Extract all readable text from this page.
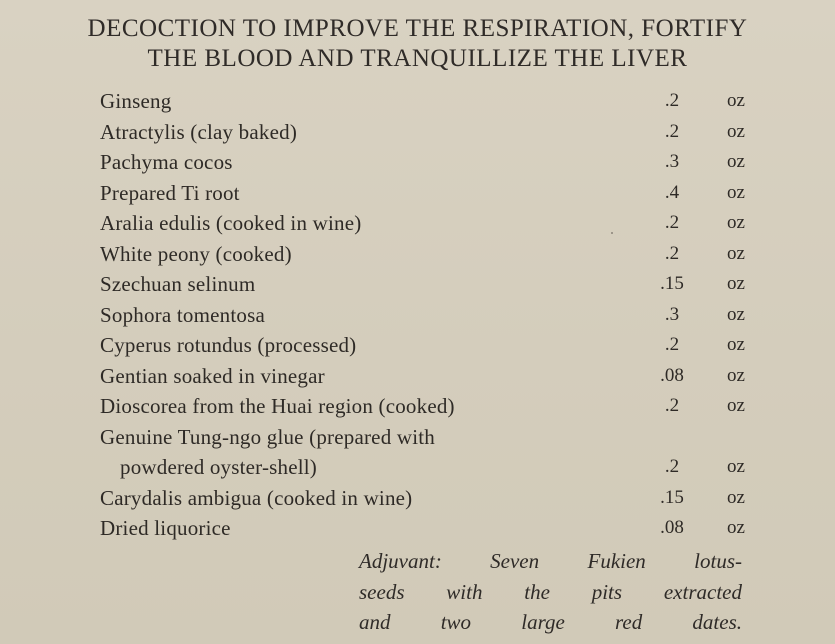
DECOCTION TO IMPROVE THE RESPIRATION, FORTIFY
THE BLOOD AND TRANQUILLIZE THE LIVER
Ginseng	.2	oz
Atractylis (clay baked)	.2	oz
Pachyma cocos	.3	oz
Prepared Ti root	.4	oz
Aralia edulis (cooked in wine)	.2	oz
White peony (cooked)	.2	oz
Szechuan selinum	.15	oz
Sophora tomentosa	.3	oz
Cyperus rotundus (processed)	.2	oz
Gentian soaked in vinegar	.08	oz
Dioscorea from the Huai region (cooked)	.2	oz
Genuine Tung-ngo glue (prepared with
powdered oyster-shell)	.2	oz
Carydalis ambigua (cooked in wine)	.15	oz
Dried liquorice	.08	oz
Adjuvant: Seven Fukien lotus-
seeds with the pits extracted
and two large red dates.
